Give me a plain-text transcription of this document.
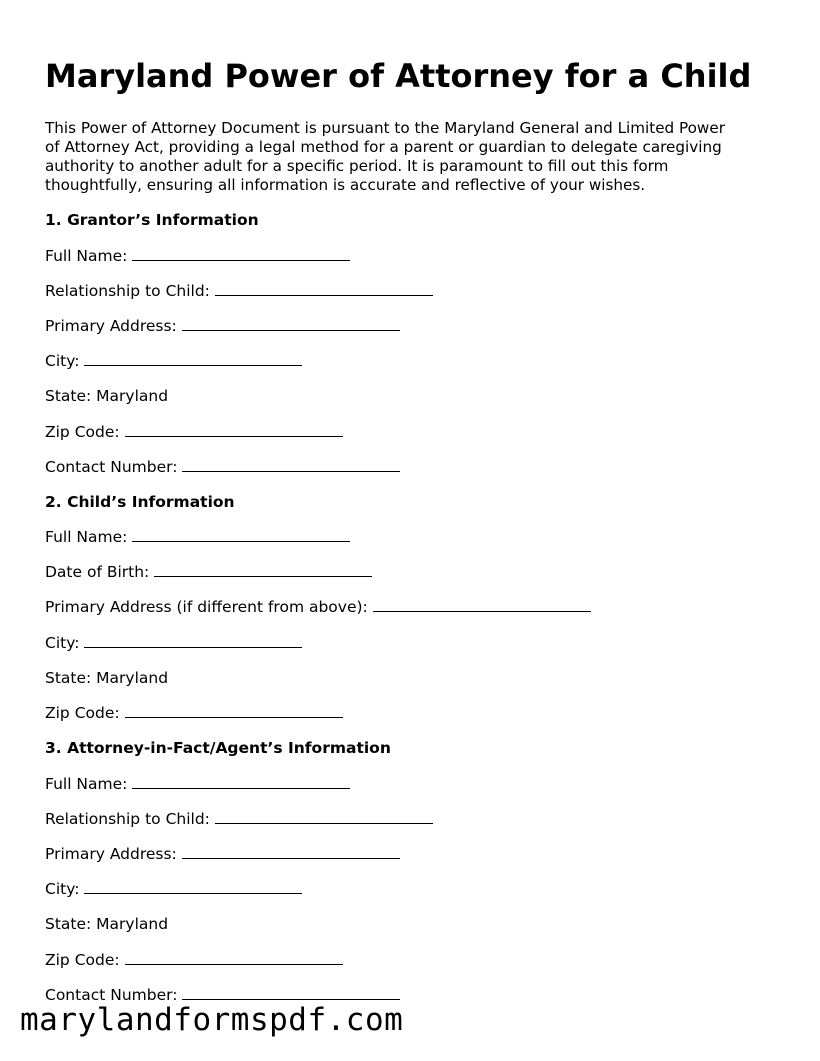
Maryland Power of Attorney for a Child

This Power of Attorney Document is pursuant to the Maryland General and Limited Power
of Attorney Act, providing a legal method for a parent or guardian to delegate caregiving
authority to another adult for a specific period. It is paramount to fill out this form
thoughtfully, ensuring all information is accurate and reflective of your wishes.

1. Grantor’s Information
Full Name:
Relationship to Child:
Primary Address:
City:
State: Maryland
Zip Code:
Contact Number:
2. Child’s Information
Full Name:
Date of Birth:
Primary Address (if different from above):
City:
State: Maryland
Zip Code:
3. Attorney-in-Fact/Agent’s Information
Full Name:
Relationship to Child:
Primary Address:
City:
State: Maryland
Zip Code:
Contact Number:
marylandformspdf.com
